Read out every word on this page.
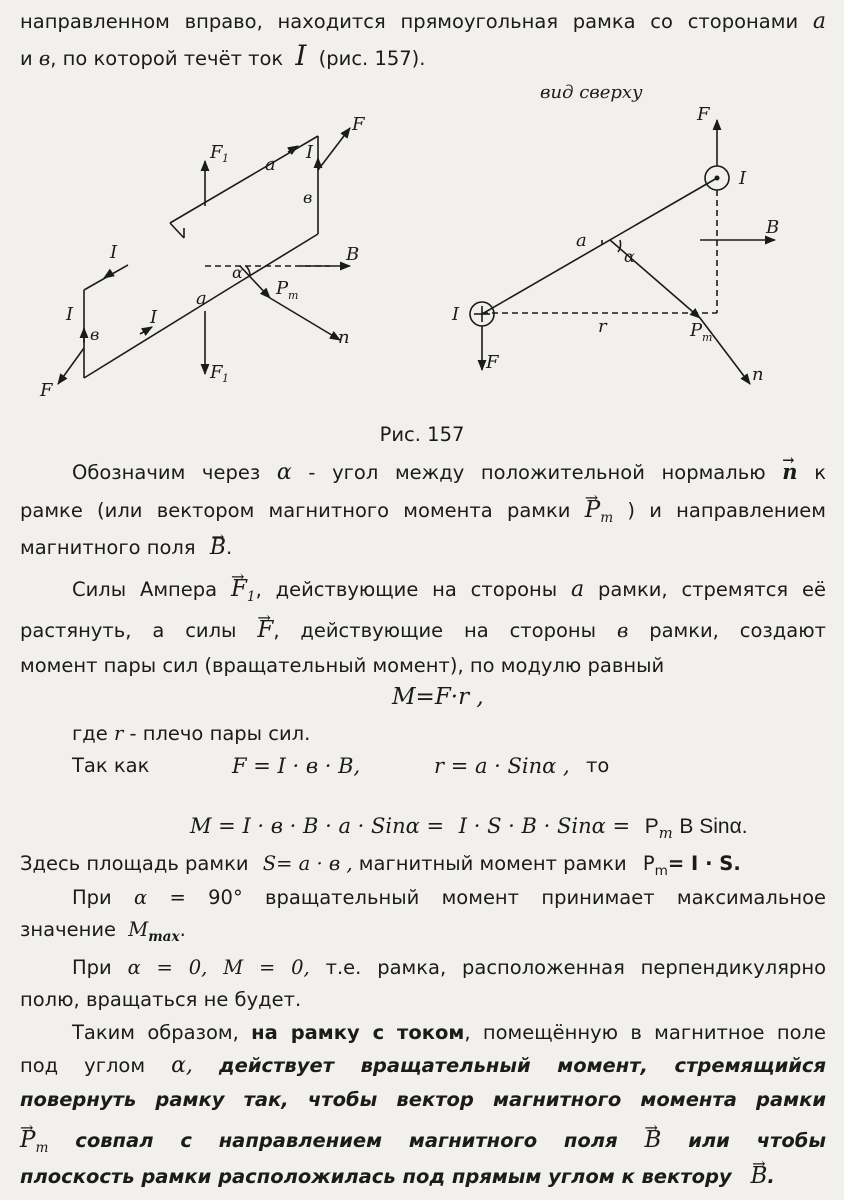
направленном вправо, находится прямоугольная рамка со сторонами a
и в, по которой течёт ток I (рис. 157).
F 1
F
a
I
в
B
α
P m
n
I
I
в
I
a
F
F 1
вид сверху
F
I
a
B
α
I
r
F
P m
n
Рис. 157
Обозначим через α - угол между положительной нормалью → n к
рамке (или вектором магнитного момента рамки → $P_m$ ) и направлением
магнитного поля → B.
Силы Ампера → $F_1$, действующие на стороны a рамки, стремятся её
растянуть, а силы → F, действующие на стороны в рамки, создают
момент пары сил (вращательный момент), по модулю равный
M=F·r ,
где r - плечо пары сил.
Так как	F = I · в · B,	r = a · Sinα , то
$M = I \cdot в \cdot B \cdot a \cdot Sin\alpha = I \cdot S \cdot B \cdot Sin\alpha = P_m$ B Sinα.
Здесь площадь рамки S= a · в , магнитный момент рамки $P_m= I \cdot S$.
При α = 90° вращательный момент принимает максимальное
значение $M_{max}$.
При α = 0, M = 0, т.е. рамка, расположенная перпендикулярно
полю, вращаться не будет.
Таким образом, на рамку с током, помещённую в магнитное поле
под углом α, действует вращательный момент, стремящийся
повернуть рамку так, чтобы вектор магнитного момента рамки
→ $P_m$ совпал с направлением магнитного поля → B или чтобы
плоскость рамки расположилась под прямым углом к вектору → B.
